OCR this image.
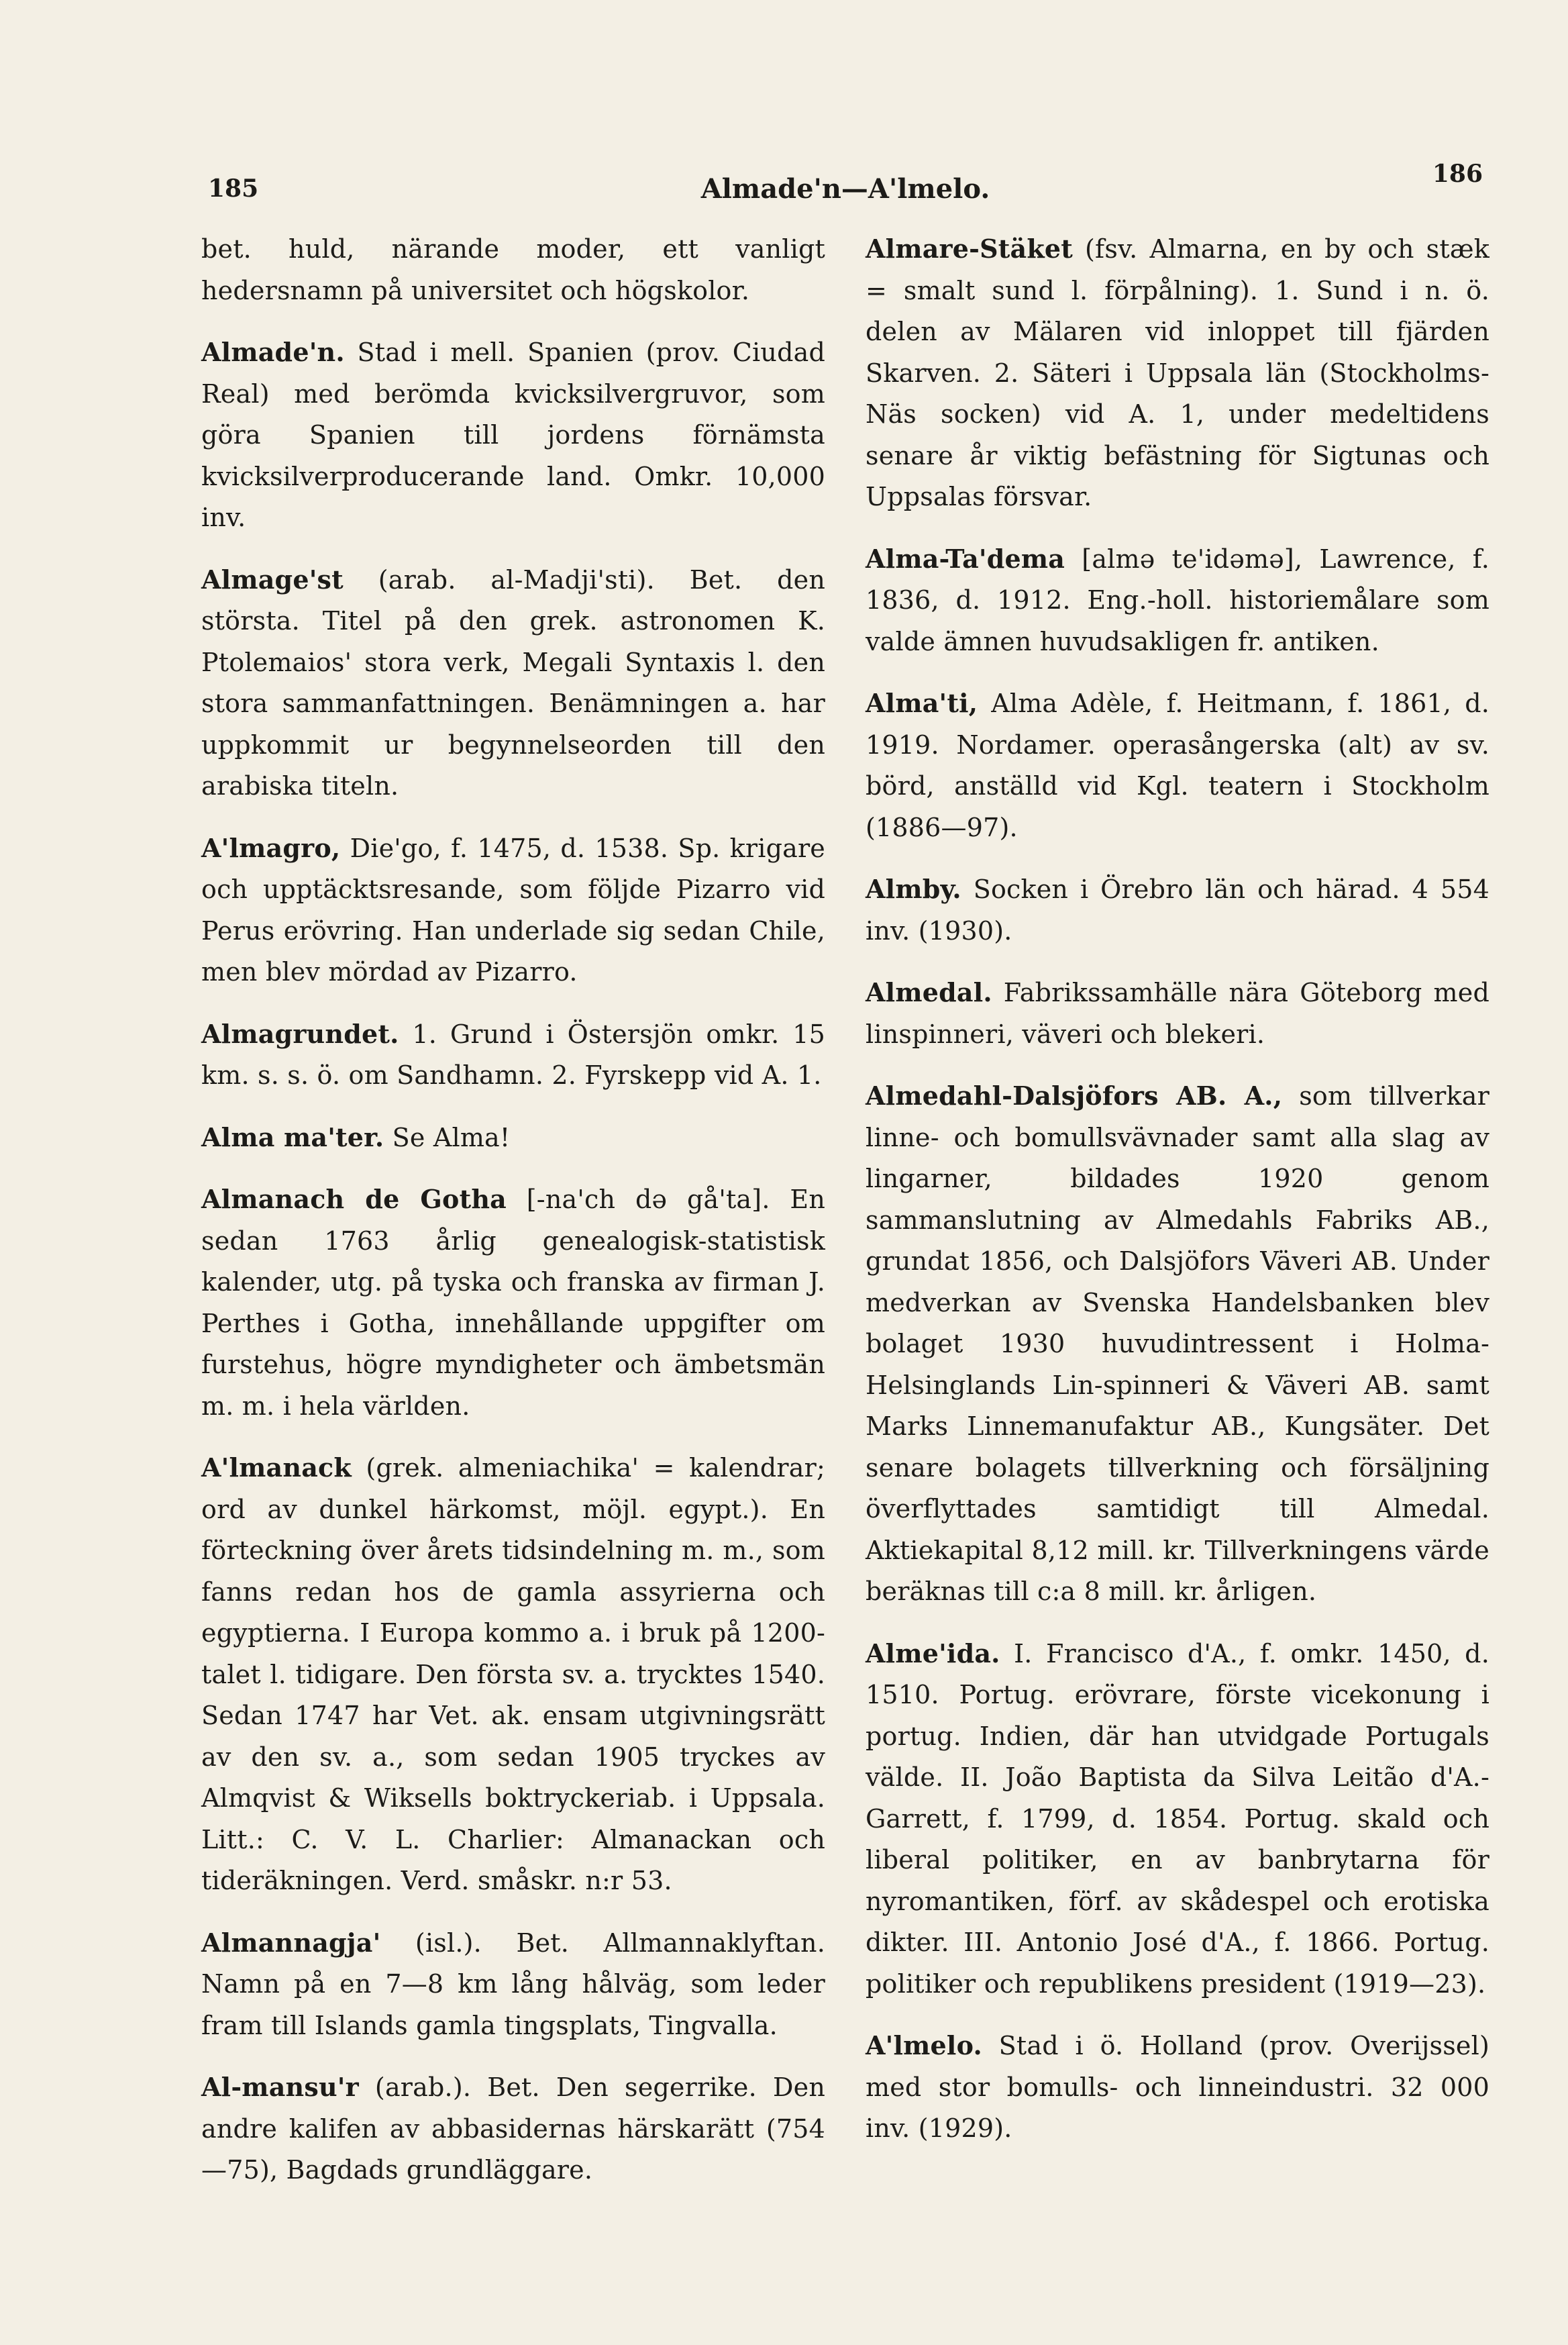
185	Almade'n—A'lmelo.	186

bet. huld, närande moder, ett vanligt hedersnamn på universitet och högskolor.

Almade'n. Stad i mell. Spanien (prov. Ciudad Real) med berömda kvicksilvergruvor, som göra Spanien till jordens förnämsta kvicksilverproducerande land. Omkr. 10,000 inv.

Almage'st (arab. al-Madji'sti). Bet. den största. Titel på den grek. astronomen K. Ptolemaios' stora verk, Megali Syntaxis l. den stora sammanfattningen. Benämningen a. har uppkommit ur begynnelseorden till den arabiska titeln.

A'lmagro, Die'go, f. 1475, d. 1538. Sp. krigare och upptäcktsresande, som följde Pizarro vid Perus erövring. Han underlade sig sedan Chile, men blev mördad av Pizarro.

Almagrundet. 1. Grund i Östersjön omkr. 15 km. s. s. ö. om Sandhamn. 2. Fyrskepp vid A. 1.

Alma ma'ter. Se Alma!

Almanach de Gotha [-na'ch də gå'ta]. En sedan 1763 årlig genealogisk-statistisk kalender, utg. på tyska och franska av firman J. Perthes i Gotha, innehållande uppgifter om furstehus, högre myndigheter och ämbetsmän m. m. i hela världen.

A'lmanack (grek. almeniachika' = kalendrar; ord av dunkel härkomst, möjl. egypt.). En förteckning över årets tidsindelning m. m., som fanns redan hos de gamla assyrierna och egyptierna. I Europa kommo a. i bruk på 1200-talet l. tidigare. Den första sv. a. trycktes 1540. Sedan 1747 har Vet. ak. ensam utgivningsrätt av den sv. a., som sedan 1905 tryckes av Almqvist & Wiksells boktryckeriab. i Uppsala. Litt.: C. V. L. Charlier: Almanackan och tideräkningen. Verd. småskr. n:r 53.

Almannagja' (isl.). Bet. Allmannaklyftan. Namn på en 7—8 km lång hålväg, som leder fram till Islands gamla tingsplats, Tingvalla.

Al-mansu'r (arab.). Bet. Den segerrike. Den andre kalifen av abbasidernas härskarätt (754—75), Bagdads grundläggare.

Almare-Stäket (fsv. Almarna, en by och stæk = smalt sund l. förpålning). 1. Sund i n. ö. delen av Mälaren vid inloppet till fjärden Skarven. 2. Säteri i Uppsala län (Stockholms-Näs socken) vid A. 1, under medeltidens senare år viktig befästning för Sigtunas och Uppsalas försvar.

Alma-Ta'dema [almə te'idəmə], Lawrence, f. 1836, d. 1912. Eng.-holl. historiemålare som valde ämnen huvudsakligen fr. antiken.

Alma'ti, Alma Adèle, f. Heitmann, f. 1861, d. 1919. Nordamer. operasångerska (alt) av sv. börd, anställd vid Kgl. teatern i Stockholm (1886—97).

Almby. Socken i Örebro län och härad. 4 554 inv. (1930).

Almedal. Fabrikssamhälle nära Göteborg med linspinneri, väveri och blekeri.

Almedahl-Dalsjöfors AB. A., som tillverkar linne- och bomullsvävnader samt alla slag av lingarner, bildades 1920 genom sammanslutning av Almedahls Fabriks AB., grundat 1856, och Dalsjöfors Väveri AB. Under medverkan av Svenska Handelsbanken blev bolaget 1930 huvudintressent i Holma-Helsinglands Lin-spinneri & Väveri AB. samt Marks Linnemanufaktur AB., Kungsäter. Det senare bolagets tillverkning och försäljning överflyttades samtidigt till Almedal. Aktiekapital 8,12 mill. kr. Tillverkningens värde beräknas till c:a 8 mill. kr. årligen.

Alme'ida. I. Francisco d'A., f. omkr. 1450, d. 1510. Portug. erövrare, förste vicekonung i portug. Indien, där han utvidgade Portugals välde. II. João Baptista da Silva Leitão d'A.-Garrett, f. 1799, d. 1854. Portug. skald och liberal politiker, en av banbrytarna för nyromantiken, förf. av skådespel och erotiska dikter. III. Antonio José d'A., f. 1866. Portug. politiker och republikens president (1919—23).

A'lmelo. Stad i ö. Holland (prov. Overijssel) med stor bomulls- och linneindustri. 32 000 inv. (1929).
